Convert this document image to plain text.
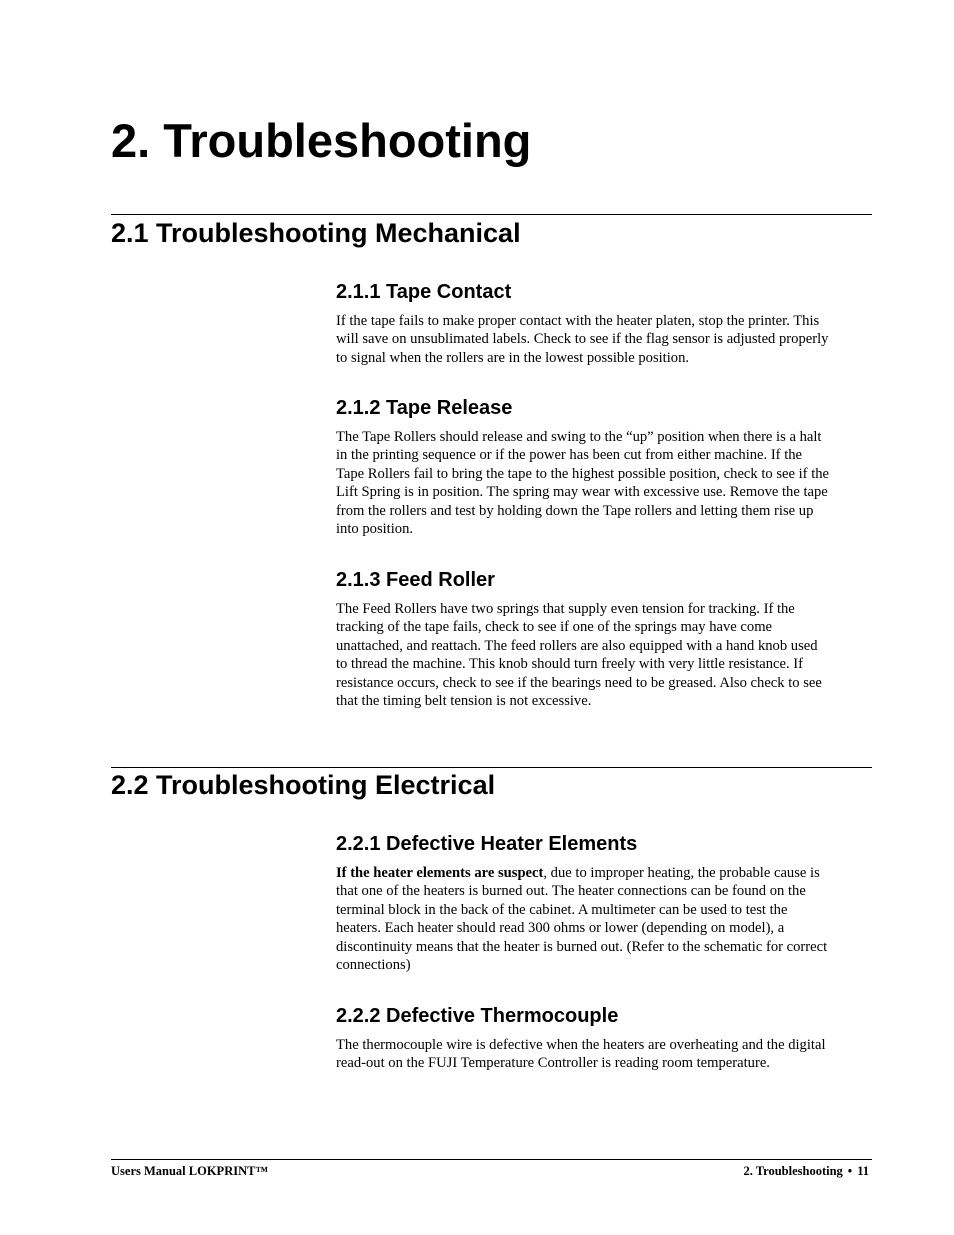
2. Troubleshooting
2.1 Troubleshooting Mechanical
2.1.1 Tape Contact

If the tape fails to make proper contact with the heater platen, stop the printer. This
will save on unsublimated labels. Check to see if the flag sensor is adjusted properly
to signal when the rollers are in the lowest possible position.

2.1.2 Tape Release

The Tape Rollers should release and swing to the “up” position when there is a halt
in the printing sequence or if the power has been cut from either machine. If the
Tape Rollers fail to bring the tape to the highest possible position, check to see if the
Lift Spring is in position. The spring may wear with excessive use. Remove the tape
from the rollers and test by holding down the Tape rollers and letting them rise up
into position.

2.1.3 Feed Roller

The Feed Rollers have two springs that supply even tension for tracking. If the
tracking of the tape fails, check to see if one of the springs may have come
unattached, and reattach. The feed rollers are also equipped with a hand knob used
to thread the machine. This knob should turn freely with very little resistance. If
resistance occurs, check to see if the bearings need to be greased. Also check to see
that the timing belt tension is not excessive.

2.2 Troubleshooting Electrical
2.2.1 Defective Heater Elements

If the heater elements are suspect, due to improper heating, the probable cause is
that one of the heaters is burned out. The heater connections can be found on the
terminal block in the back of the cabinet. A multimeter can be used to test the
heaters. Each heater should read 300 ohms or lower (depending on model), a
discontinuity means that the heater is burned out. (Refer to the schematic for correct
connections)

2.2.2 Defective Thermocouple

The thermocouple wire is defective when the heaters are overheating and the digital
read-out on the FUJI Temperature Controller is reading room temperature.

Users Manual LOKPRINT™	2. Troubleshooting • 11
